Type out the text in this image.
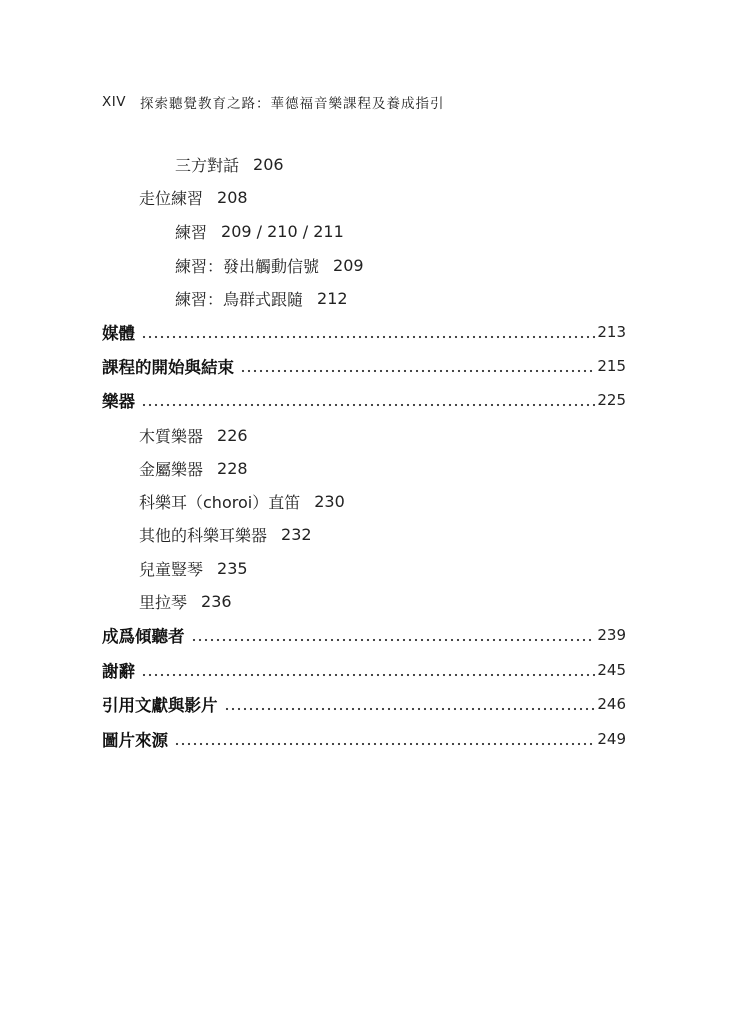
XIV 探索聽覺教育之路：華德福音樂課程及養成指引
三方對話 206
走位練習 208
練習 209 / 210 / 211
練習：發出觸動信號 209
練習：鳥群式跟隨 212
媒體	213
課程的開始與結束	215
樂器	225
木質樂器 226
金屬樂器 228
科樂耳（choroi）直笛 230
其他的科樂耳樂器 232
兒童豎琴 235
里拉琴 236
成爲傾聽者	239
謝辭	245
引用文獻與影片	246
圖片來源	249
